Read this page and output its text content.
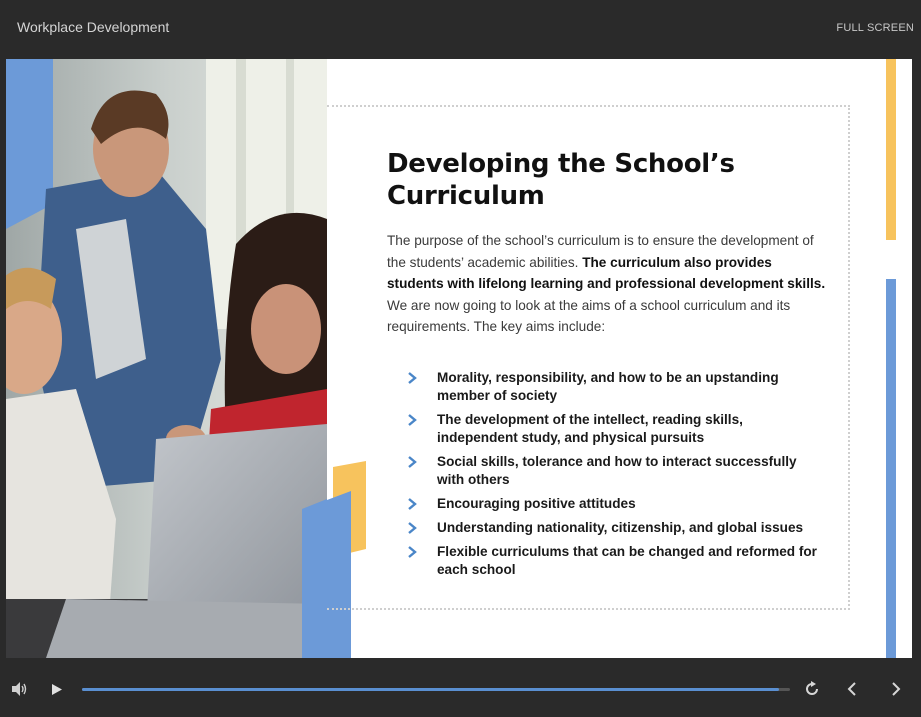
Workplace Development	FULL SCREEN
Developing the School’s Curriculum
The purpose of the school’s curriculum is to ensure the development of the students’ academic abilities. The curriculum also provides students with lifelong learning and professional development skills. We are now going to look at the aims of a school curriculum and its requirements. The key aims include:
Morality, responsibility, and how to be an upstanding member of society
The development of the intellect, reading skills, independent study, and physical pursuits
Social skills, tolerance and how to interact successfully with others
Encouraging positive attitudes
Understanding nationality, citizenship, and global issues
Flexible curriculums that can be changed and reformed for each school
